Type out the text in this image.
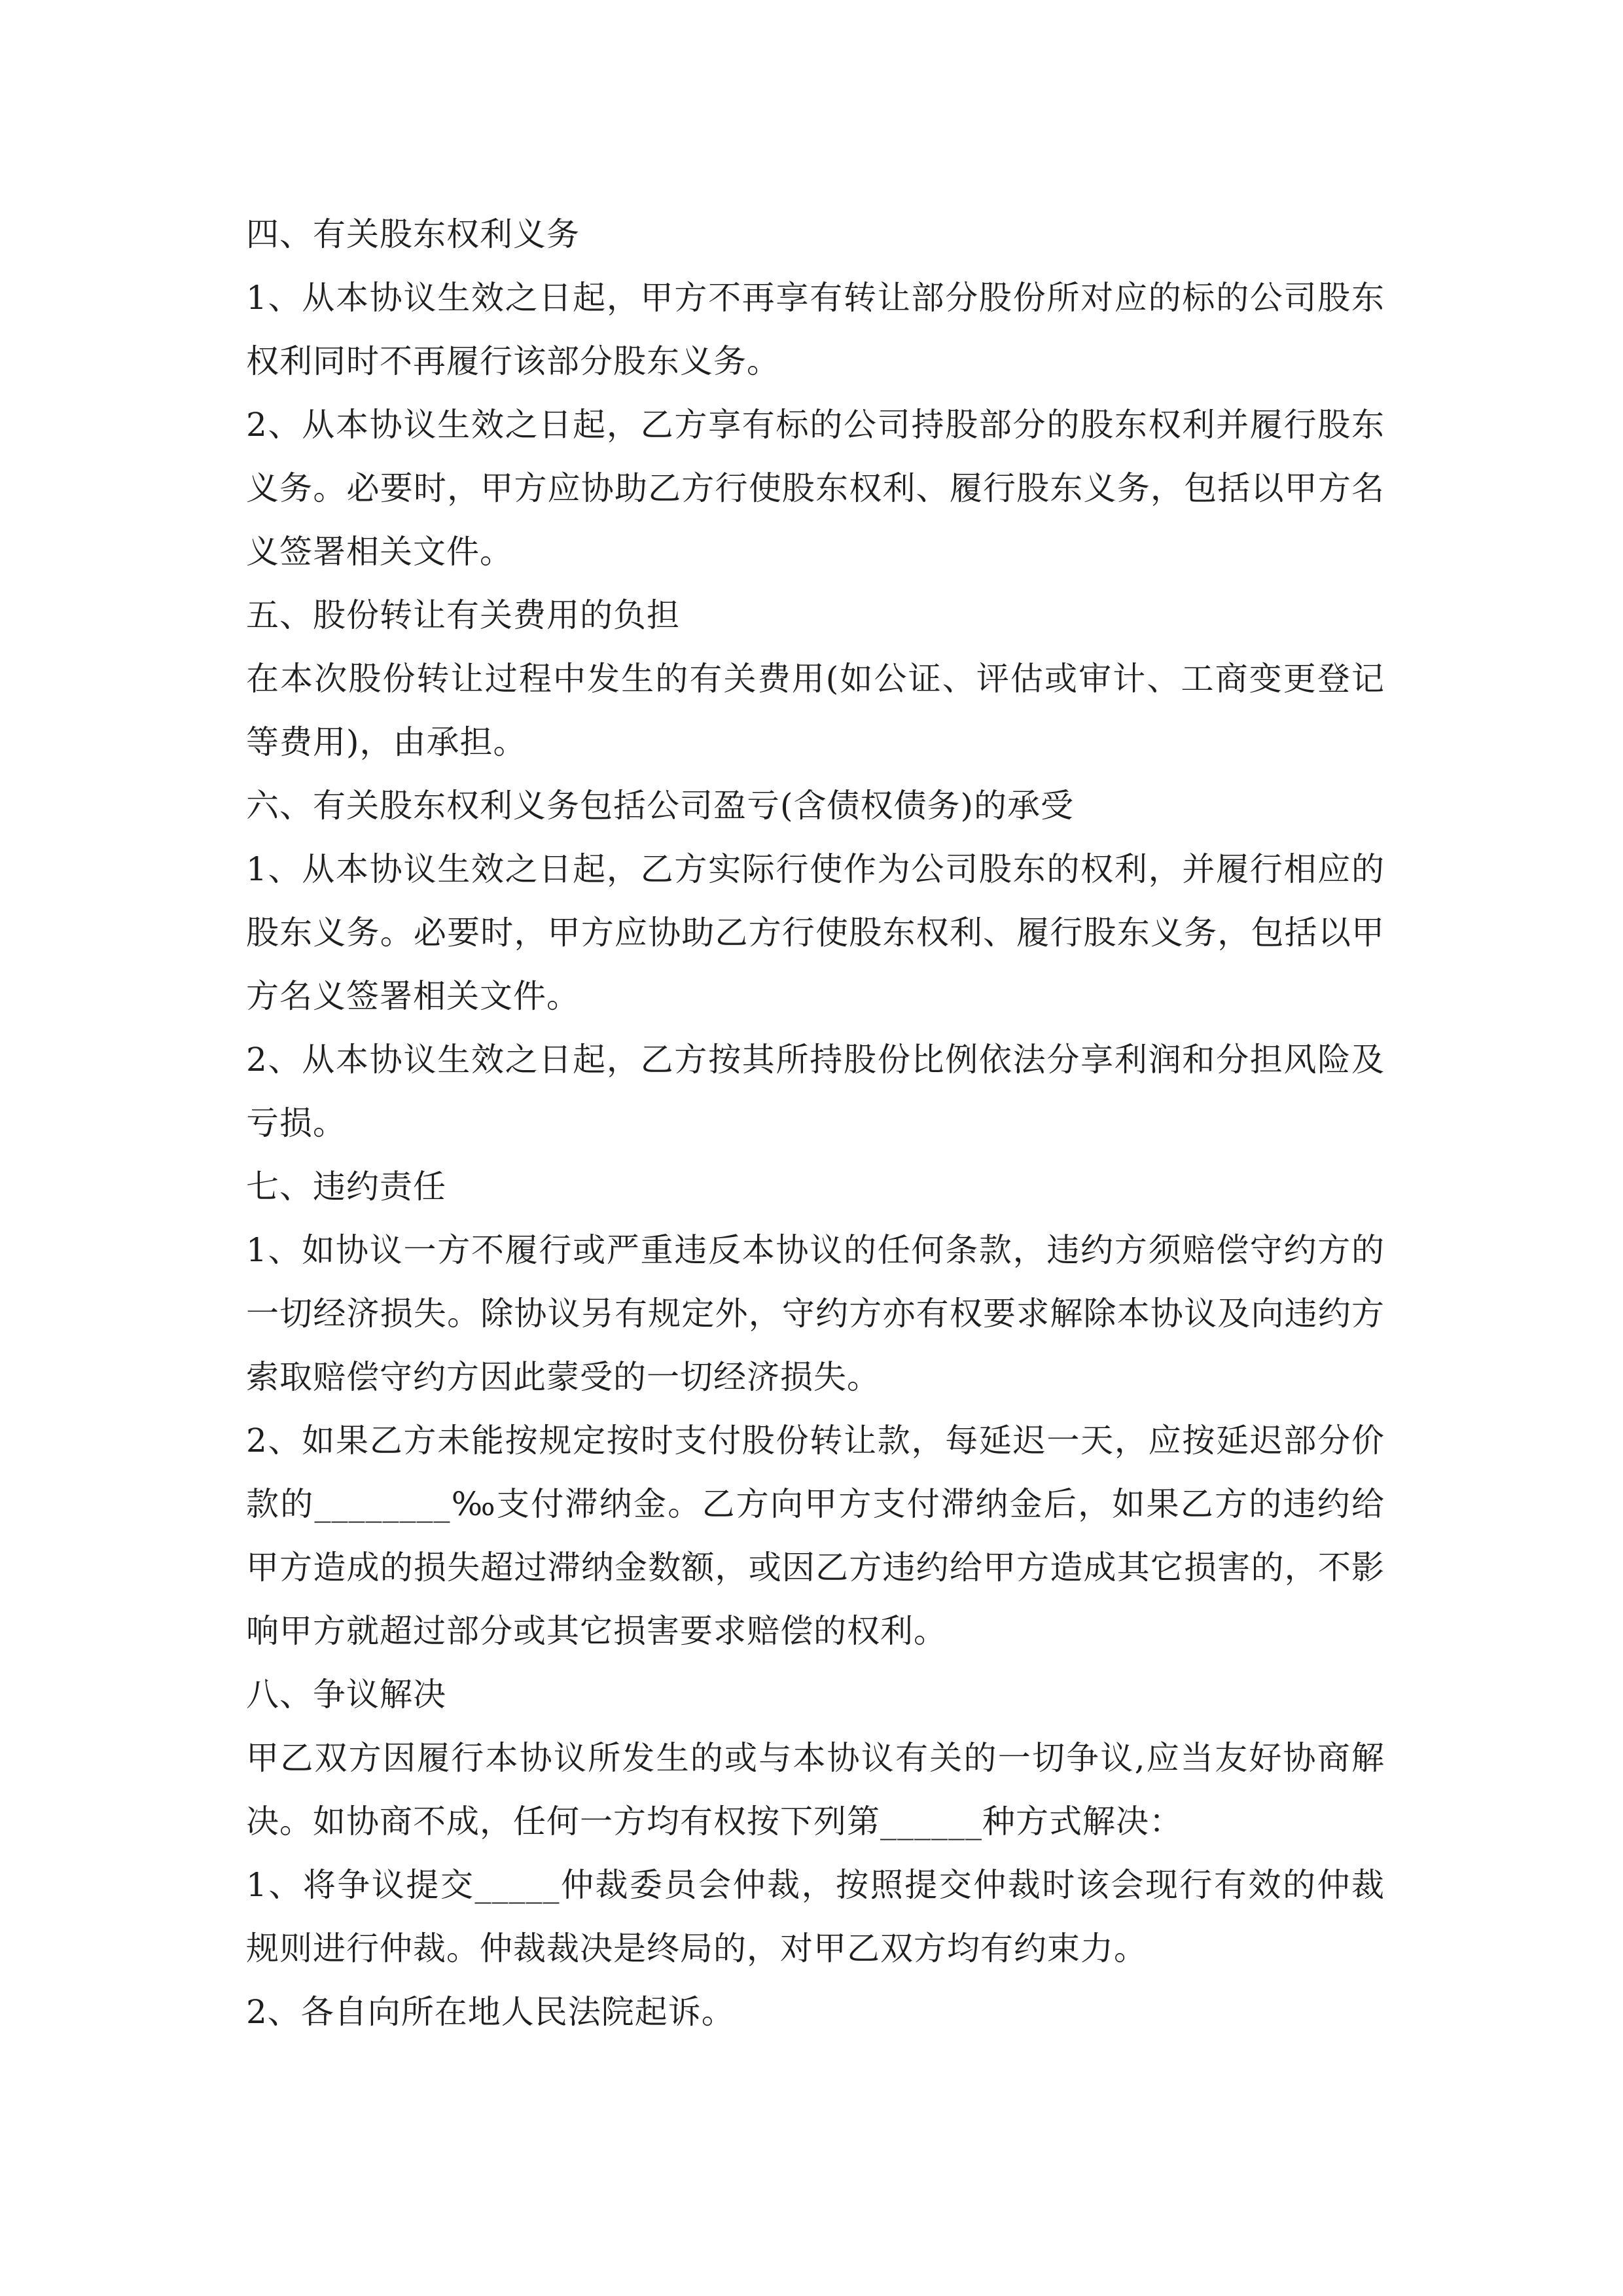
四、有关股东权利义务

1、从本协议生效之日起，甲方不再享有转让部分股份所对应的标的公司股东权利同时不再履行该部分股东义务。

2、从本协议生效之日起，乙方享有标的公司持股部分的股东权利并履行股东义务。必要时，甲方应协助乙方行使股东权利、履行股东义务，包括以甲方名义签署相关文件。

五、股份转让有关费用的负担

在本次股份转让过程中发生的有关费用(如公证、评估或审计、工商变更登记等费用)，由承担。

六、有关股东权利义务包括公司盈亏(含债权债务)的承受

1、从本协议生效之日起，乙方实际行使作为公司股东的权利，并履行相应的股东义务。必要时，甲方应协助乙方行使股东权利、履行股东义务，包括以甲方名义签署相关文件。

2、从本协议生效之日起，乙方按其所持股份比例依法分享利润和分担风险及亏损。

七、违约责任

1、如协议一方不履行或严重违反本协议的任何条款，违约方须赔偿守约方的一切经济损失。除协议另有规定外，守约方亦有权要求解除本协议及向违约方索取赔偿守约方因此蒙受的一切经济损失。

2、如果乙方未能按规定按时支付股份转让款，每延迟一天，应按延迟部分价款的________‰支付滞纳金。乙方向甲方支付滞纳金后，如果乙方的违约给甲方造成的损失超过滞纳金数额，或因乙方违约给甲方造成其它损害的，不影响甲方就超过部分或其它损害要求赔偿的权利。

八、争议解决

甲乙双方因履行本协议所发生的或与本协议有关的一切争议,应当友好协商解决。如协商不成，任何一方均有权按下列第______种方式解决：

1、将争议提交_____仲裁委员会仲裁，按照提交仲裁时该会现行有效的仲裁规则进行仲裁。仲裁裁决是终局的，对甲乙双方均有约束力。

2、各自向所在地人民法院起诉。
